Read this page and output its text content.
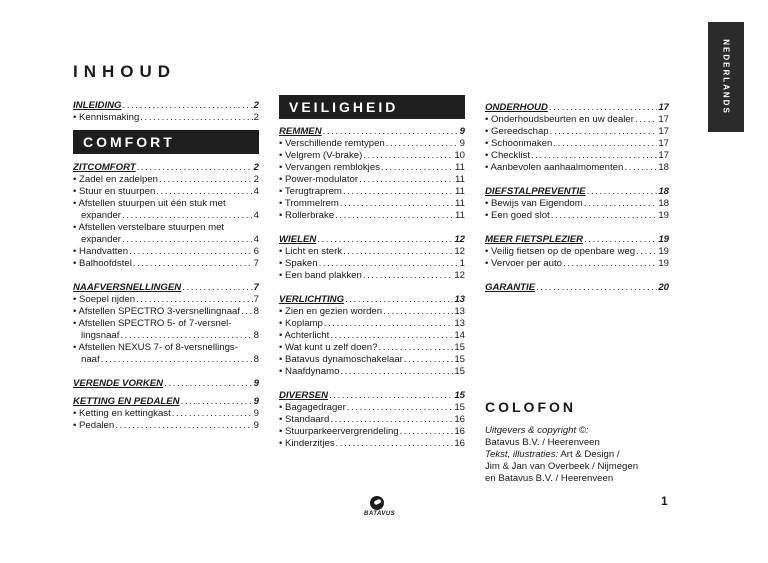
NEDERLANDS
INHOUD
INLEIDING .....	2
• Kennismaking .....	2
COMFORT
ZITCOMFORT .....	2
• Zadel en zadelpen .....	2
• Stuur en stuurpen .....	4
• Afstellen stuurpen uit één stuk met
expander .....	4
• Afstellen verstelbare stuurpen met
expander .....	4
• Handvatten .....	6
• Balhoofdstel .....	7
NAAFVERSNELLINGEN .....	7
• Soepel rijden .....	7
• Afstellen SPECTRO 3-versnellingnaaf ..... 8
• Afstellen SPECTRO 5- of 7-versnel-
lingsnaaf .....	8
• Afstellen NEXUS 7- of 8-versnellings-
naaf .....	8
VERENDE VORKEN .....	9
KETTING EN PEDALEN .....	9
• Ketting en kettingkast .....	9
• Pedalen .....	9
VEILIGHEID
REMMEN .....	9
• Verschillende remtypen .....	9
• Velgrem (V-brake) .....	10
• Vervangen remblokjes .....	11
• Power-modulator .....	11
• Terugtraprem .....	11
• Trommelrem .....	11
• Rollerbrake .....	11
WIELEN .....	12
• Licht en sterk .....	12
• Spaken .....	1
• Een band plakken .....	12
VERLICHTING .....	13
• Zien en gezien worden .....	13
• Koplamp .....	13
• Achterlicht .....	14
• Wat kunt u zelf doen? .....	15
• Batavus dynamoschakelaar .....	15
• Naafdynamo .....	15
DIVERSEN .....	15
• Bagagedrager .....	15
• Standaard .....	16
• Stuurparkeervergrendeling .....	16
• Kinderzitjes .....	16
ONDERHOUD .....	17
• Onderhoudsbeurten en uw dealer .....	17
• Gereedschap .....	17
• Schoonmaken .....	17
• Checklist .....	17
• Aanbevolen aanhaalmomenten .....	18
DIEFSTALPREVENTIE .....	18
• Bewijs van Eigendom .....	18
• Een goed slot .....	19
MEER FIETSPLEZIER .....	19
• Veilig fietsen op de openbare weg ..... 19
• Vervoer per auto .....	19
GARANTIE .....	20
COLOFON
Uitgevers & copyright ©:
Batavus B.V. / Heerenveen
Tekst, illustraties: Art & Design /
Jim & Jan van Overbeek / Nijmegen
en Batavus B.V. / Heerenveen
BATAVUS
1
